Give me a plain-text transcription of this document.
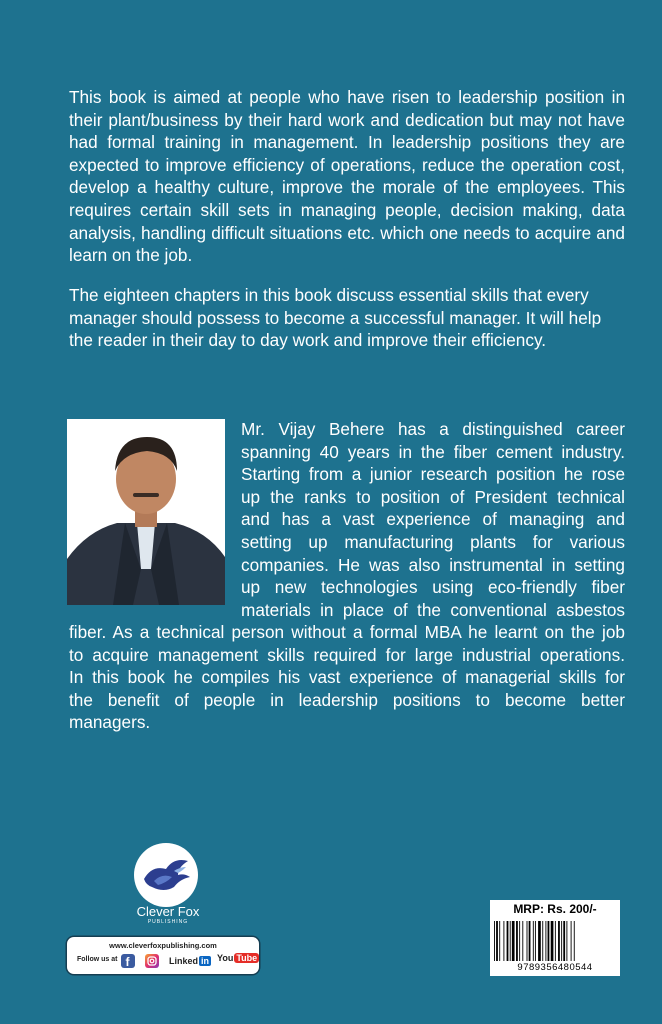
This book is aimed at people who have risen to leadership position in their plant/business by their hard work and dedication but may not have had formal training in management. In leadership positions they are expected to improve efficiency of operations, reduce the operation cost, develop a healthy culture, improve the morale of the employees. This requires certain skill sets in managing people, decision making, data analysis, handling difficult situations etc. which one needs to acquire and learn on the job.

The eighteen chapters in this book discuss essential skills that every manager should possess to become a successful manager. It will help the reader in their day to day work and improve their efficiency.

Mr. Vijay Behere has a distinguished career
spanning 40 years in the fiber cement industry.
Starting from a junior research position he rose
up the ranks to position of President technical
and has a vast experience of managing and
setting up manufacturing plants for various
companies. He was also instrumental in setting
up new technologies using eco-friendly fiber
materials in place of the conventional asbestos
fiber. As a technical person without a formal MBA he learnt on the job
to acquire management skills required for large industrial operations.
In this book he compiles his vast experience of managerial skills for
the benefit of people in leadership positions to become better
managers.
Clever Fox
PUBLISHING
www.cleverfoxpublishing.com
Follow us at f	Linked in You Tube
MRP: Rs. 200/-
9789356480544
